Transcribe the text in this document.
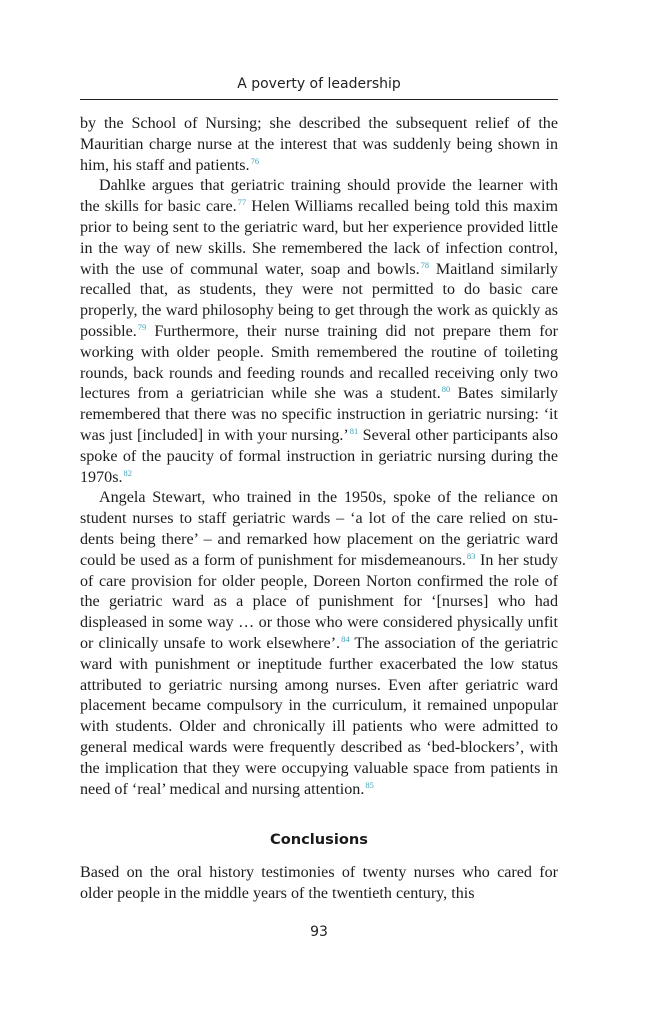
A poverty of leadership

by the School of Nursing; she described the subsequent relief of the Mauritian charge nurse at the interest that was suddenly being shown in him, his staff and patients.$^{76}$

Dahlke argues that geriatric training should provide the learner with the skills for basic care.$^{77}$ Helen Williams recalled being told this maxim prior to being sent to the geriatric ward, but her experience provided little in the way of new skills. She remembered the lack of infection control, with the use of communal water, soap and bowls.$^{78}$ Maitland similarly recalled that, as students, they were not permitted to do basic care properly, the ward philosophy being to get through the work as quickly as possible.$^{79}$ Furthermore, their nurse training did not prepare them for working with older people. Smith remembered the routine of toileting rounds, back rounds and feeding rounds and recalled receiving only two lectures from a geriatrician while she was a student.$^{80}$ Bates similarly remembered that there was no specific instruction in geriatric nursing: ‘it was just [included] in with your nursing.’$^{81}$ Several other participants also spoke of the paucity of formal instruction in geriatric nursing during the 1970s.$^{82}$

Angela Stewart, who trained in the 1950s, spoke of the reliance on student nurses to staff geriatric wards – ‘a lot of the care relied on students being there’ – and remarked how placement on the geriatric ward could be used as a form of punishment for misdemeanours.$^{83}$ In her study of care provision for older people, Doreen Norton confirmed the role of the geriatric ward as a place of punishment for ‘[nurses] who had displeased in some way … or those who were considered physically unfit or clinically unsafe to work elsewhere’.$^{84}$ The association of the geriatric ward with punishment or ineptitude further exacerbated the low status attributed to geriatric nursing among nurses. Even after geriatric ward placement became compulsory in the curriculum, it remained unpopular with students. Older and chronically ill patients who were admitted to general medical wards were frequently described as ‘bed-blockers’, with the implication that they were occupying valuable space from patients in need of ‘real’ medical and nursing attention.$^{85}$

Conclusions

Based on the oral history testimonies of twenty nurses who cared for older people in the middle years of the twentieth century, this

93
